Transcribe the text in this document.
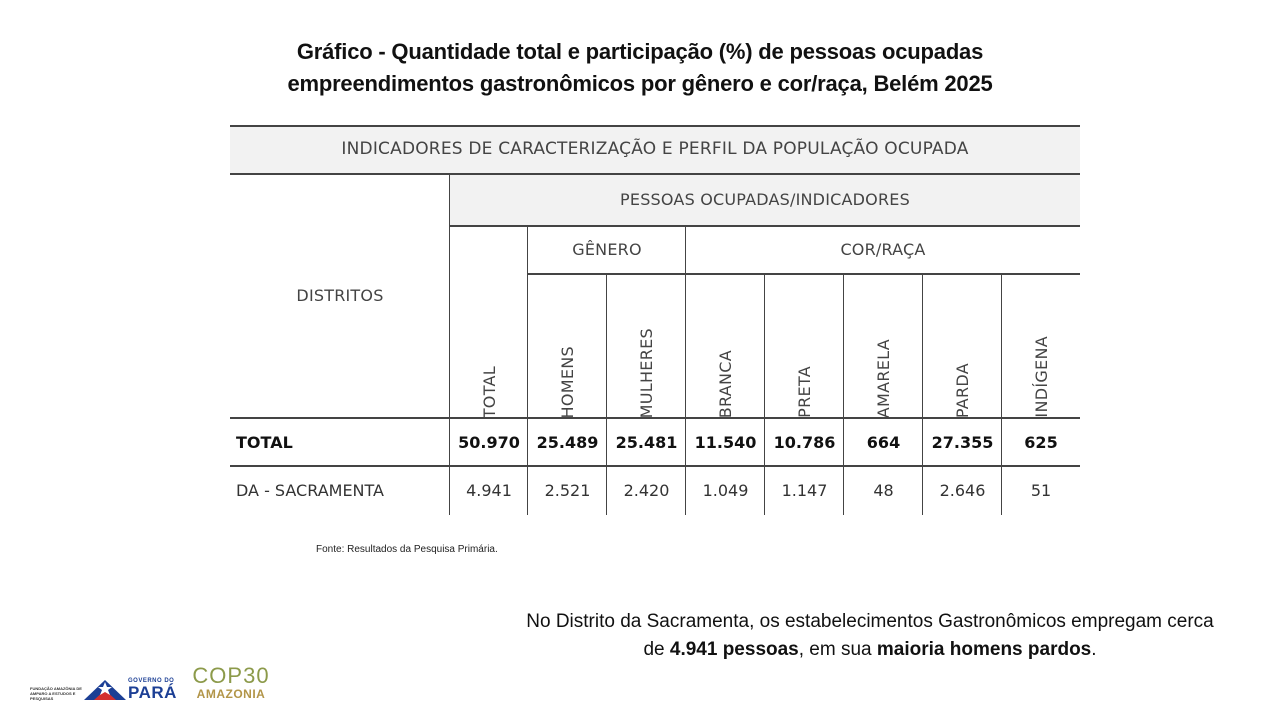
Gráfico - Quantidade total e participação (%) de pessoas ocupadas
empreendimentos gastronômicos por gênero e cor/raça, Belém 2025
INDICADORES DE CARACTERIZAÇÃO E PERFIL DA POPULAÇÃO OCUPADA
PESSOAS OCUPADAS/INDICADORES
DISTRITOS
GÊNERO	COR/RAÇA
TOTAL	HOMENS	MULHERES	BRANCA	PRETA	AMARELA	PARDA	INDÍGENA
TOTAL	50.970	25.489	25.481	11.540	10.786	664	27.355	625
DA - SACRAMENTA	4.941	2.521	2.420	1.049	1.147	48	2.646	51
Fonte: Resultados da Pesquisa Primária.
No Distrito da Sacramenta, os estabelecimentos Gastronômicos empregam cerca de 4.941 pessoas, em sua maioria homens pardos.
FUNDAÇÃO AMAZÔNIA DE AMPARO A ESTUDOS E PESQUISAS
GOVERNO DO
PARÁ
COP30
AMAZONIA
